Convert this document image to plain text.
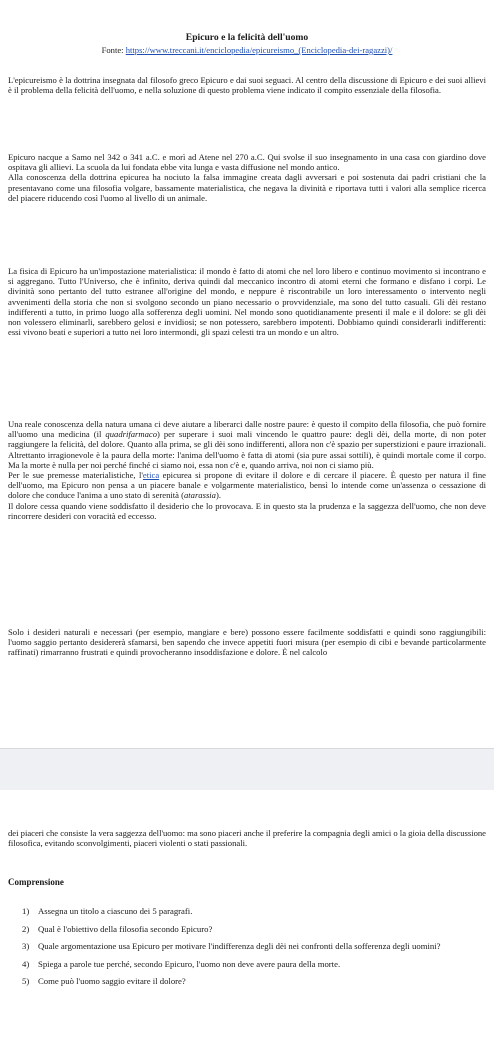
Epicuro e la felicità dell'uomo
Fonte: https://www.treccani.it/enciclopedia/epicureismo_(Enciclopedia-dei-ragazzi)/

L'epicureismo è la dottrina insegnata dal filosofo greco Epicuro e dai suoi seguaci. Al centro della discussione di Epicuro e dei suoi allievi è il problema della felicità dell'uomo, e nella soluzione di questo problema viene indicato il compito essenziale della filosofia.

Epicuro nacque a Samo nel 342 o 341 a.C. e morì ad Atene nel 270 a.C. Qui svolse il suo insegnamento in una casa con giardino dove ospitava gli allievi. La scuola da lui fondata ebbe vita lunga e vasta diffusione nel mondo antico.

Alla conoscenza della dottrina epicurea ha nociuto la falsa immagine creata dagli avversari e poi sostenuta dai padri cristiani che la presentavano come una filosofia volgare, bassamente materialistica, che negava la divinità e riportava tutti i valori alla semplice ricerca del piacere riducendo così l'uomo al livello di un animale.

La fisica di Epicuro ha un'impostazione materialistica: il mondo è fatto di atomi che nel loro libero e continuo movimento si incontrano e si aggregano. Tutto l'Universo, che è infinito, deriva quindi dal meccanico incontro di atomi eterni che formano e disfano i corpi. Le divinità sono pertanto del tutto estranee all'origine del mondo, e neppure è riscontrabile un loro interessamento o intervento negli avvenimenti della storia che non si svolgono secondo un piano necessario o provvidenziale, ma sono del tutto casuali. Gli dèi restano indifferenti a tutto, in primo luogo alla sofferenza degli uomini. Nel mondo sono quotidianamente presenti il male e il dolore: se gli dèi non volessero eliminarli, sarebbero gelosi e invidiosi; se non potessero, sarebbero impotenti. Dobbiamo quindi considerarli indifferenti: essi vivono beati e superiori a tutto nei loro intermondi, gli spazi celesti tra un mondo e un altro.

Una reale conoscenza della natura umana ci deve aiutare a liberarci dalle nostre paure: è questo il compito della filosofia, che può fornire all'uomo una medicina (il quadrifarmaco) per superare i suoi mali vincendo le quattro paure: degli dèi, della morte, di non poter raggiungere la felicità, del dolore. Quanto alla prima, se gli dèi sono indifferenti, allora non c'è spazio per superstizioni e paure irrazionali. Altrettanto irragionevole è la paura della morte: l'anima dell'uomo è fatta di atomi (sia pure assai sottili), è quindi mortale come il corpo. Ma la morte è nulla per noi perché finché ci siamo noi, essa non c'è e, quando arriva, noi non ci siamo più.

Per le sue premesse materialistiche, l'etica epicurea si propone di evitare il dolore e di cercare il piacere. È questo per natura il fine dell'uomo, ma Epicuro non pensa a un piacere banale e volgarmente materialistico, bensì lo intende come un'assenza o cessazione di dolore che conduce l'anima a uno stato di serenità (atarassia).

Il dolore cessa quando viene soddisfatto il desiderio che lo provocava. E in questo sta la prudenza e la saggezza dell'uomo, che non deve rincorrere desideri con voracità ed eccesso.

Solo i desideri naturali e necessari (per esempio, mangiare e bere) possono essere facilmente soddisfatti e quindi sono raggiungibili: l'uomo saggio pertanto desidererà sfamarsi, ben sapendo che invece appetiti fuori misura (per esempio di cibi e bevande particolarmente raffinati) rimarranno frustrati e quindi provocheranno insoddisfazione e dolore. È nel calcolo

dei piaceri che consiste la vera saggezza dell'uomo: ma sono piaceri anche il preferire la compagnia degli amici o la gioia della discussione filosofica, evitando sconvolgimenti, piaceri violenti o stati passionali.

Comprensione
1)	Assegna un titolo a ciascuno dei 5 paragrafi.
2)	Qual è l'obiettivo della filosofia secondo Epicuro?
3)	Quale argomentazione usa Epicuro per motivare l'indifferenza degli dèi nei confronti della sofferenza degli uomini?
4)	Spiega a parole tue perché, secondo Epicuro, l'uomo non deve avere paura della morte.
5)	Come può l'uomo saggio evitare il dolore?
